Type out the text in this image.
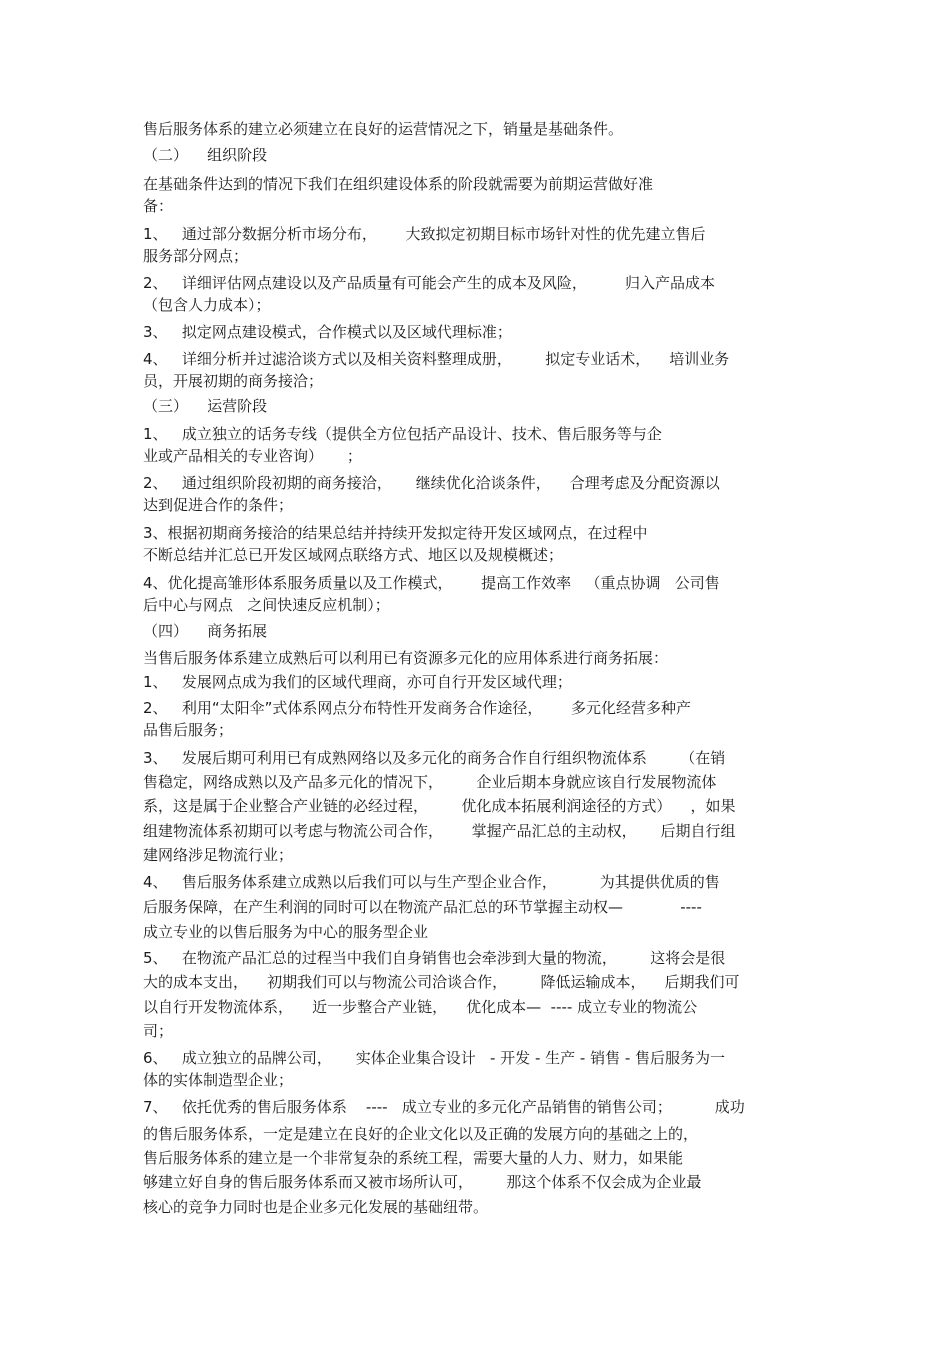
售后服务体系的建立必须建立在良好的运营情况之下，销量是基础条件。
（二）    组织阶段
在基础条件达到的情况下我们在组织建设体系的阶段就需要为前期运营做好准
备：
1、   通过部分数据分析市场分布，      大致拟定初期目标市场针对性的优先建立售后
服务部分网点；
2、   详细评估网点建设以及产品质量有可能会产生的成本及风险，        归入产品成本
（包含人力成本）；
3、   拟定网点建设模式，合作模式以及区域代理标准；
4、   详细分析并过滤洽谈方式以及相关资料整理成册，       拟定专业话术，    培训业务
员，开展初期的商务接洽；
（三）    运营阶段
1、   成立独立的话务专线（提供全方位包括产品设计、技术、售后服务等与企
业或产品相关的专业咨询）     ；
2、   通过组织阶段初期的商务接洽，     继续优化洽谈条件，    合理考虑及分配资源以
达到促进合作的条件；
3、根据初期商务接洽的结果总结并持续开发拟定待开发区域网点，在过程中
不断总结并汇总已开发区域网点联络方式、地区以及规模概述；
4、优化提高雏形体系服务质量以及工作模式，      提高工作效率   （重点协调   公司售
后中心与网点   之间快速反应机制）；
（四）    商务拓展
当售后服务体系建立成熟后可以利用已有资源多元化的应用体系进行商务拓展：
1、   发展网点成为我们的区域代理商，亦可自行开发区域代理；
2、   利用“太阳伞”式体系网点分布特性开发商务合作途径，      多元化经营多种产
品售后服务；
3、   发展后期可利用已有成熟网络以及多元化的商务合作自行组织物流体系       （在销
售稳定，网络成熟以及产品多元化的情况下，       企业后期本身就应该自行发展物流体
系，这是属于企业整合产业链的必经过程，       优化成本拓展利润途径的方式）    ，如果
组建物流体系初期可以考虑与物流公司合作，      掌握产品汇总的主动权，     后期自行组
建网络涉足物流行业；
4、   售后服务体系建立成熟以后我们可以与生产型企业合作，         为其提供优质的售
后服务保障，在产生利润的同时可以在物流产品汇总的环节掌握主动权—            ----
成立专业的以售后服务为中心的服务型企业
5、   在物流产品汇总的过程当中我们自身销售也会牵涉到大量的物流，       这将会是很
大的成本支出，    初期我们可以与物流公司洽谈合作，       降低运输成本，    后期我们可
以自行开发物流体系，    近一步整合产业链，    优化成本—  ---- 成立专业的物流公
司；
6、   成立独立的品牌公司，     实体企业集合设计   - 开发 - 生产 - 销售 - 售后服务为一
体的实体制造型企业；
7、   依托优秀的售后服务体系    ----   成立专业的多元化产品销售的销售公司；         成功
的售后服务体系，一定是建立在良好的企业文化以及正确的发展方向的基础之上的，
售后服务体系的建立是一个非常复杂的系统工程，需要大量的人力、财力，如果能
够建立好自身的售后服务体系而又被市场所认可，       那这个体系不仅会成为企业最
核心的竞争力同时也是企业多元化发展的基础纽带。
